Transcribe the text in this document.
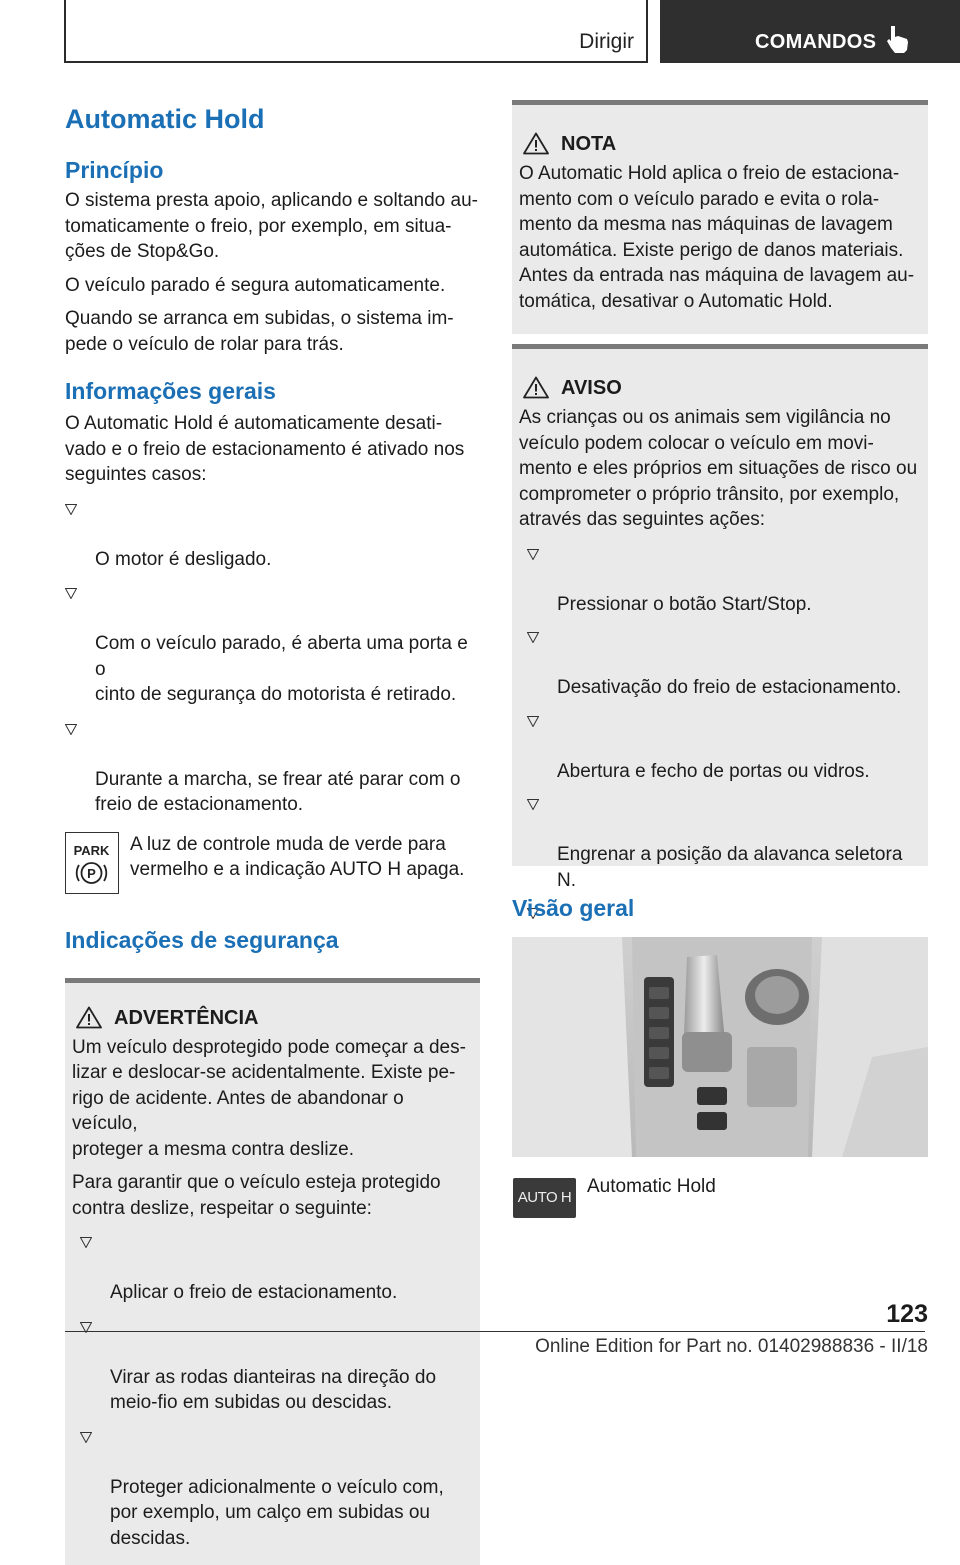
Dirigir	COMANDOS
Automatic Hold
Princípio

O sistema presta apoio, aplicando e soltando au-
tomaticamente o freio, por exemplo, em situa-
ções de Stop&Go.

O veículo parado é segura automaticamente.

Quando se arranca em subidas, o sistema im-
pede o veículo de rolar para trás.

Informações gerais

O Automatic Hold é automaticamente desati-
vado e o freio de estacionamento é ativado nos
seguintes casos:

O motor é desligado.

Com o veículo parado, é aberta uma porta e o
cinto de segurança do motorista é retirado.

Durante a marcha, se frear até parar com o
freio de estacionamento.

PARK
P

A luz de controle muda de verde para
vermelho e a indicação AUTO H apaga.

Indicações de segurança
ADVERTÊNCIA

Um veículo desprotegido pode começar a des-
lizar e deslocar-se acidentalmente. Existe pe-
rigo de acidente. Antes de abandonar o veículo,
proteger a mesma contra deslize.

Para garantir que o veículo esteja protegido
contra deslize, respeitar o seguinte:

Aplicar o freio de estacionamento.

Virar as rodas dianteiras na direção do
meio-fio em subidas ou descidas.

Proteger adicionalmente o veículo com,
por exemplo, um calço em subidas ou
descidas.

NOTA

O Automatic Hold aplica o freio de estaciona-
mento com o veículo parado e evita o rola-
mento da mesma nas máquinas de lavagem
automática. Existe perigo de danos materiais.
Antes da entrada nas máquina de lavagem au-
tomática, desativar o Automatic Hold.

AVISO

As crianças ou os animais sem vigilância no
veículo podem colocar o veículo em movi-
mento e eles próprios em situações de risco ou
comprometer o próprio trânsito, por exemplo,
através das seguintes ações:

Pressionar o botão Start/Stop.

Desativação do freio de estacionamento.

Abertura e fecho de portas ou vidros.

Engrenar a posição da alavanca seletora
N.

Visão geral
AUTO H

Automatic Hold

123
Online Edition for Part no. 01402988836 - II/18
